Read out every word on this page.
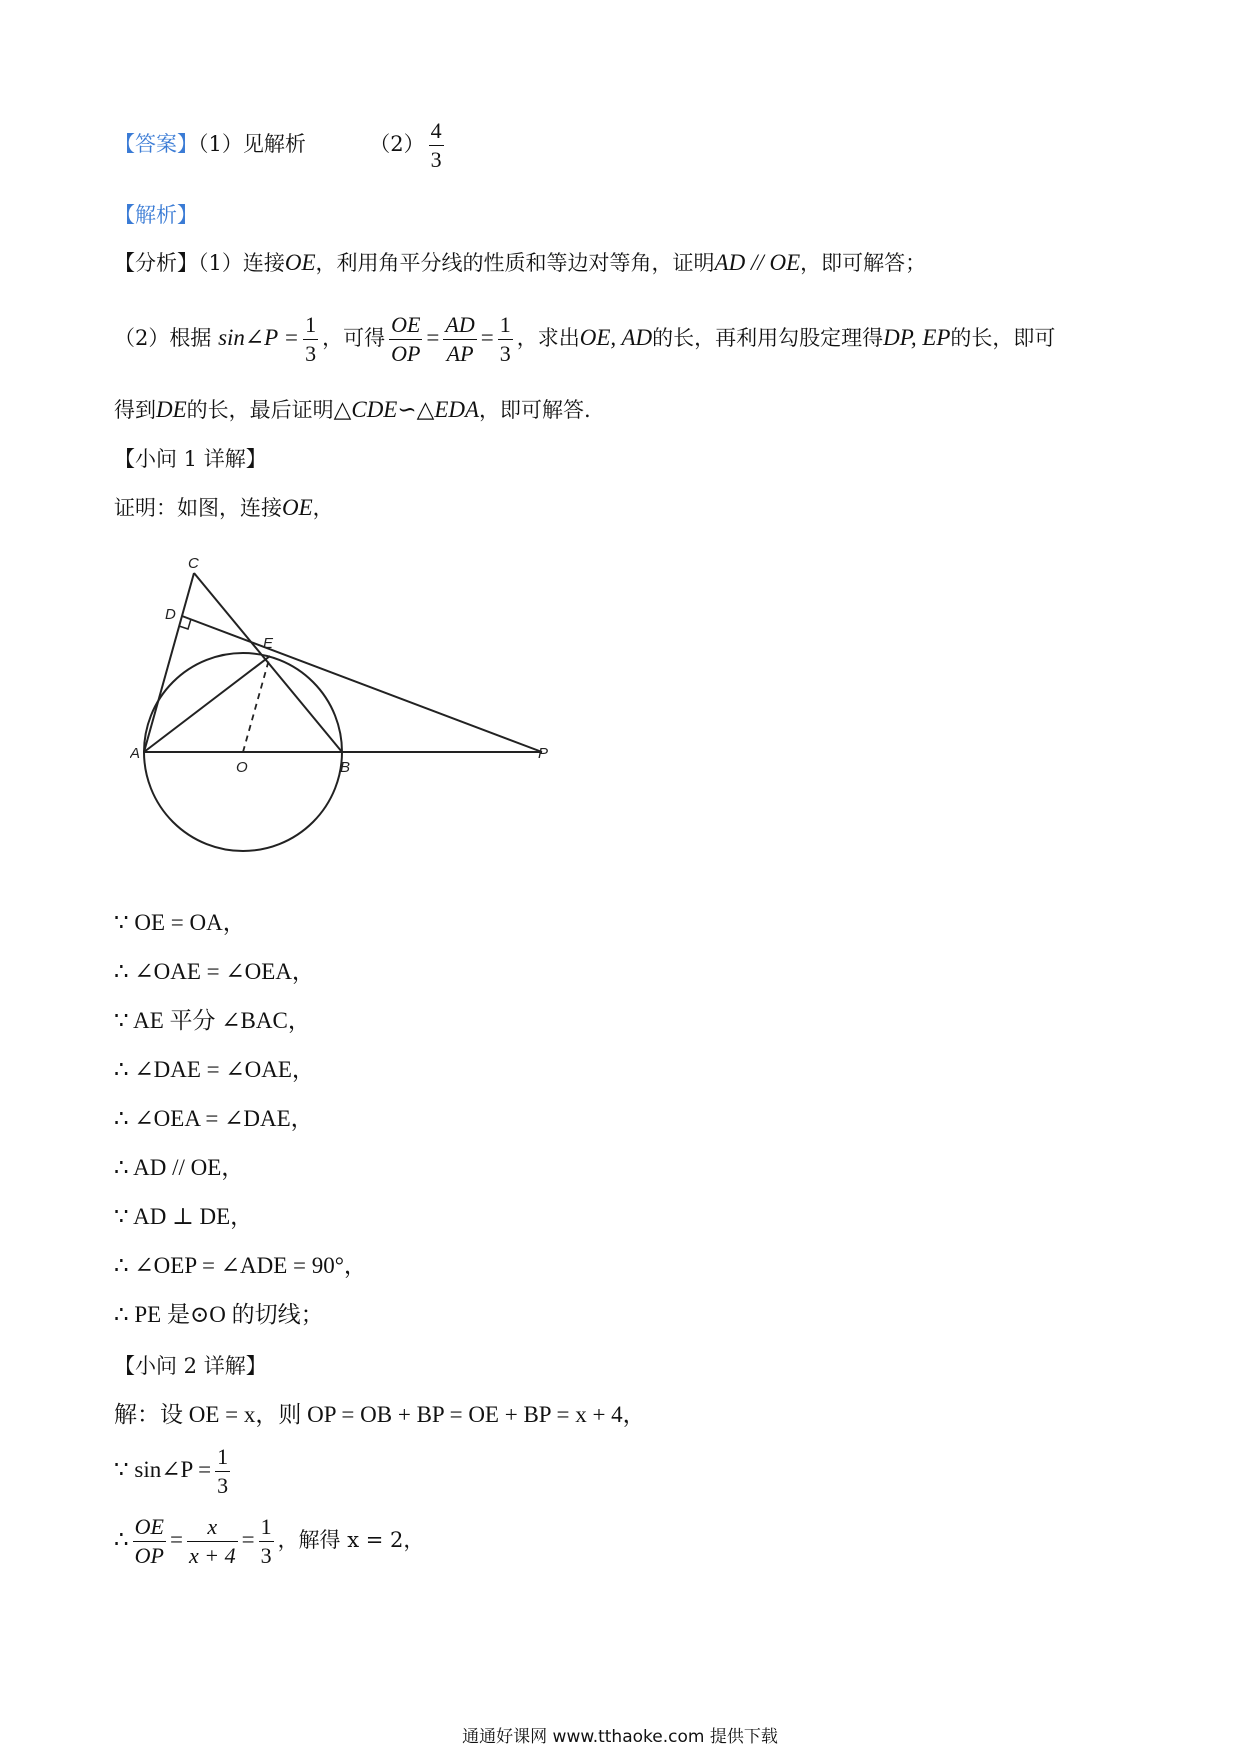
【答案】（1）见解析	$(2) \frac{4}{3}$
【解析】
【分析】（1）连接OE，利用角平分线的性质和等边对等角，证明AD // OE，即可解答；
（2）根据 sin∠P = $\frac{1}{3}$ ，可得 $\frac{OE}{OP} = \frac{AD}{AP} = \frac{1}{3}$ ，求出OE, AD的长，再利用勾股定理得DP, EP的长，即可
得到DE的长，最后证明△CDE∽△EDA，即可解答.
【小问 1 详解】
证明：如图，连接OE，
C
D
E
A
O	B
P
∵ OE = OA，
∴ ∠OAE = ∠OEA，
∵ AE 平分 ∠BAC，
∴ ∠DAE = ∠OAE，
∴ ∠OEA = ∠DAE，
∴ AD // OE，
∵ AD ⊥ DE，
∴ ∠OEP = ∠ADE = 90°，
∴ PE 是⊙O 的切线；
【小问 2 详解】
解：设 OE = x，则 OP = OB + BP = OE + BP = x + 4，
∵ sin∠P = $\frac{1}{3}$
∴ $\frac{OE}{OP} = \frac{x}{x + 4} = \frac{1}{3}$ ，解得 x = 2，
通通好课网 www.tthaoke.com 提供下载
